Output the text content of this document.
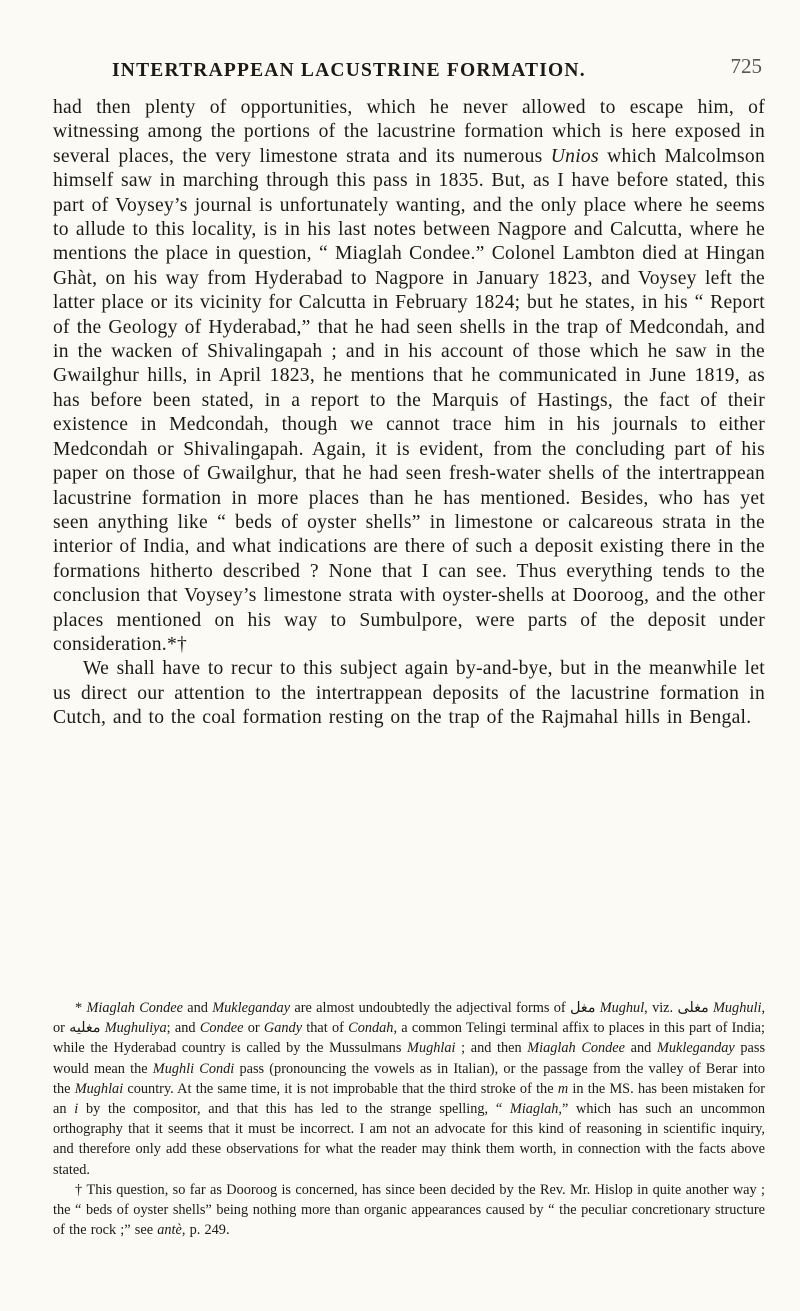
INTERTRAPPEAN LACUSTRINE FORMATION.	725

had then plenty of opportunities, which he never allowed to escape him, of witnessing among the portions of the lacustrine formation which is here exposed in several places, the very limestone strata and its numerous Unios which Malcolmson himself saw in marching through this pass in 1835. But, as I have before stated, this part of Voysey’s journal is unfortunately wanting, and the only place where he seems to allude to this locality, is in his last notes between Nagpore and Calcutta, where he mentions the place in question, “ Miaglah Condee.” Colonel Lambton died at Hingan Ghàt, on his way from Hyderabad to Nagpore in January 1823, and Voysey left the latter place or its vicinity for Calcutta in February 1824; but he states, in his “ Report of the Geology of Hyderabad,” that he had seen shells in the trap of Medcondah, and in the wacken of Shivalingapah ; and in his account of those which he saw in the Gwailghur hills, in April 1823, he mentions that he communicated in June 1819, as has before been stated, in a report to the Marquis of Hastings, the fact of their existence in Medcondah, though we cannot trace him in his journals to either Medcondah or Shivalingapah. Again, it is evident, from the concluding part of his paper on those of Gwailghur, that he had seen fresh-water shells of the intertrappean lacustrine formation in more places than he has mentioned. Besides, who has yet seen anything like “ beds of oyster shells” in limestone or calcareous strata in the interior of India, and what indications are there of such a deposit existing there in the formations hitherto described ? None that I can see. Thus everything tends to the conclusion that Voysey’s limestone strata with oyster-shells at Dooroog, and the other places mentioned on his way to Sumbulpore, were parts of the deposit under consideration.*†

We shall have to recur to this subject again by-and-bye, but in the meanwhile let us direct our attention to the intertrappean deposits of the lacustrine formation in Cutch, and to the coal formation resting on the trap of the Rajmahal hills in Bengal.

* Miaglah Condee and Mukleganday are almost undoubtedly the adjectival forms of مغل Mughul, viz. مغلی Mughuli, or مغلیه Mughuliya; and Condee or Gandy that of Condah, a common Telingi terminal affix to places in this part of India; while the Hyderabad country is called by the Mussulmans Mughlai ; and then Miaglah Condee and Mukleganday pass would mean the Mughli Condi pass (pronouncing the vowels as in Italian), or the passage from the valley of Berar into the Mughlai country. At the same time, it is not improbable that the third stroke of the m in the MS. has been mistaken for an i by the compositor, and that this has led to the strange spelling, “ Miaglah,” which has such an uncommon orthography that it seems that it must be incorrect. I am not an advocate for this kind of reasoning in scientific inquiry, and therefore only add these observations for what the reader may think them worth, in connection with the facts above stated.

† This question, so far as Dooroog is concerned, has since been decided by the Rev. Mr. Hislop in quite another way ; the “ beds of oyster shells” being nothing more than organic appearances caused by “ the peculiar concretionary structure of the rock ;” see antè, p. 249.
